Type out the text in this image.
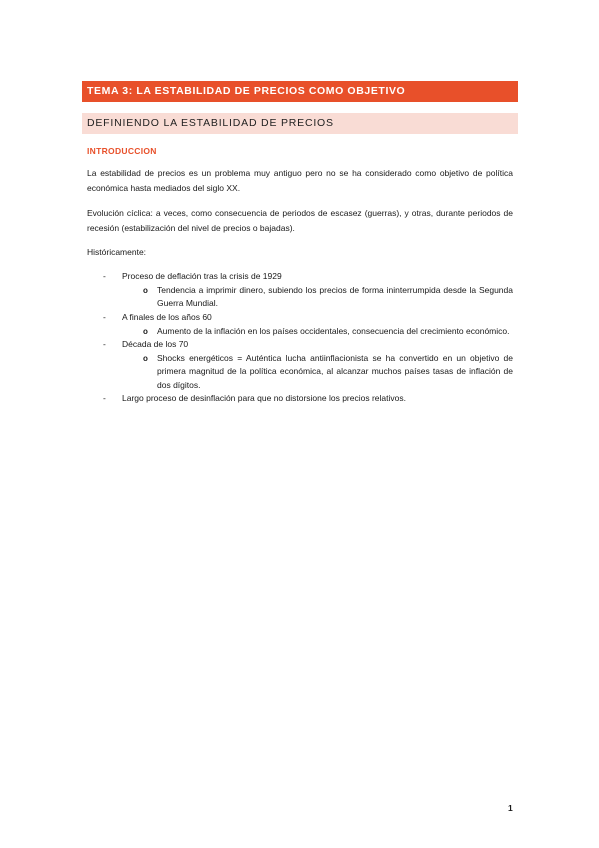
TEMA 3: LA ESTABILIDAD DE PRECIOS COMO OBJETIVO
DEFINIENDO LA ESTABILIDAD DE PRECIOS
INTRODUCCION
La estabilidad de precios es un problema muy antiguo pero no se ha considerado como objetivo de política económica hasta mediados del siglo XX.
Evolución cíclica: a veces, como consecuencia de periodos de escasez (guerras), y otras, durante periodos de recesión (estabilización del nivel de precios o bajadas).
Históricamente:
- Proceso de deflación tras la crisis de 1929
o Tendencia a imprimir dinero, subiendo los precios de forma ininterrumpida desde la Segunda Guerra Mundial.
- A finales de los años 60
o Aumento de la inflación en los países occidentales, consecuencia del crecimiento económico.
- Década de los 70
o Shocks energéticos = Auténtica lucha antiinflacionista se ha convertido en un objetivo de primera magnitud de la política económica, al alcanzar muchos países tasas de inflación de dos dígitos.
- Largo proceso de desinflación para que no distorsione los precios relativos.
1
